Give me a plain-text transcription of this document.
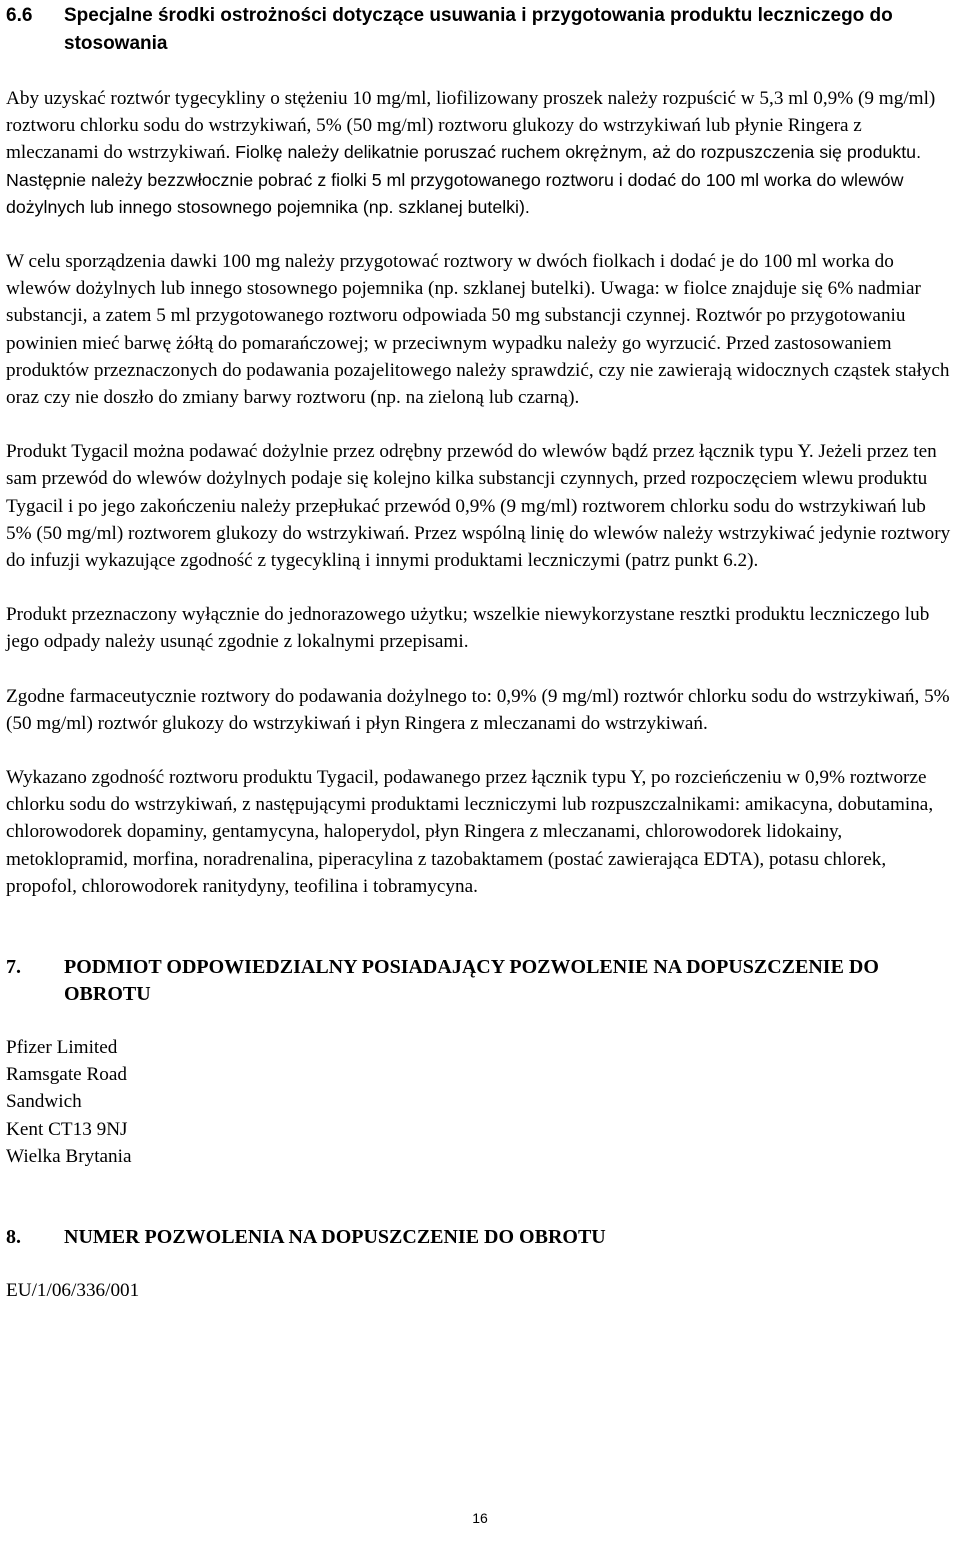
6.6	Specjalne środki ostrożności dotyczące usuwania i przygotowania produktu leczniczego do stosowania

Aby uzyskać roztwór tygecykliny o stężeniu 10 mg/ml, liofilizowany proszek należy rozpuścić w 5,3 ml 0,9% (9 mg/ml) roztworu chlorku sodu do wstrzykiwań, 5% (50 mg/ml) roztworu glukozy do wstrzykiwań lub płynie Ringera z mleczanami do wstrzykiwań. Fiolkę należy delikatnie poruszać ruchem okrężnym, aż do rozpuszczenia się produktu. Następnie należy bezzwłocznie pobrać z fiolki 5 ml przygotowanego roztworu i dodać do 100 ml worka do wlewów dożylnych lub innego stosownego pojemnika (np. szklanej butelki).

W celu sporządzenia dawki 100 mg należy przygotować roztwory w dwóch fiolkach i dodać je do 100 ml worka do wlewów dożylnych lub innego stosownego pojemnika (np. szklanej butelki). Uwaga: w fiolce znajduje się 6% nadmiar substancji, a zatem 5 ml przygotowanego roztworu odpowiada 50 mg substancji czynnej. Roztwór po przygotowaniu powinien mieć barwę żółtą do pomarańczowej; w przeciwnym wypadku należy go wyrzucić. Przed zastosowaniem produktów przeznaczonych do podawania pozajelitowego należy sprawdzić, czy nie zawierają widocznych cząstek stałych oraz czy nie doszło do zmiany barwy roztworu (np. na zieloną lub czarną).

Produkt Tygacil można podawać dożylnie przez odrębny przewód do wlewów bądź przez łącznik typu Y. Jeżeli przez ten sam przewód do wlewów dożylnych podaje się kolejno kilka substancji czynnych, przed rozpoczęciem wlewu produktu Tygacil i po jego zakończeniu należy przepłukać przewód 0,9% (9 mg/ml) roztworem chlorku sodu do wstrzykiwań lub 5% (50 mg/ml) roztworem glukozy do wstrzykiwań. Przez wspólną linię do wlewów należy wstrzykiwać jedynie roztwory do infuzji wykazujące zgodność z tygecykliną i innymi produktami leczniczymi (patrz punkt 6.2).

Produkt przeznaczony wyłącznie do jednorazowego użytku; wszelkie niewykorzystane resztki produktu leczniczego lub jego odpady należy usunąć zgodnie z lokalnymi przepisami.

Zgodne farmaceutycznie roztwory do podawania dożylnego to: 0,9% (9 mg/ml) roztwór chlorku sodu do wstrzykiwań, 5% (50 mg/ml) roztwór glukozy do wstrzykiwań i płyn Ringera z mleczanami do wstrzykiwań.

Wykazano zgodność roztworu produktu Tygacil, podawanego przez łącznik typu Y, po rozcieńczeniu w 0,9% roztworze chlorku sodu do wstrzykiwań, z następującymi produktami leczniczymi lub rozpuszczalnikami: amikacyna, dobutamina, chlorowodorek dopaminy, gentamycyna, haloperydol, płyn Ringera z mleczanami, chlorowodorek lidokainy, metoklopramid, morfina, noradrenalina, piperacylina z tazobaktamem (postać zawierająca EDTA), potasu chlorek, propofol, chlorowodorek ranitydyny, teofilina i tobramycyna.

7.	PODMIOT ODPOWIEDZIALNY POSIADAJĄCY POZWOLENIE NA DOPUSZCZENIE DO OBROTU
Pfizer Limited
Ramsgate Road
Sandwich
Kent CT13 9NJ
Wielka Brytania
8.	NUMER POZWOLENIA NA DOPUSZCZENIE DO OBROTU

EU/1/06/336/001

16
